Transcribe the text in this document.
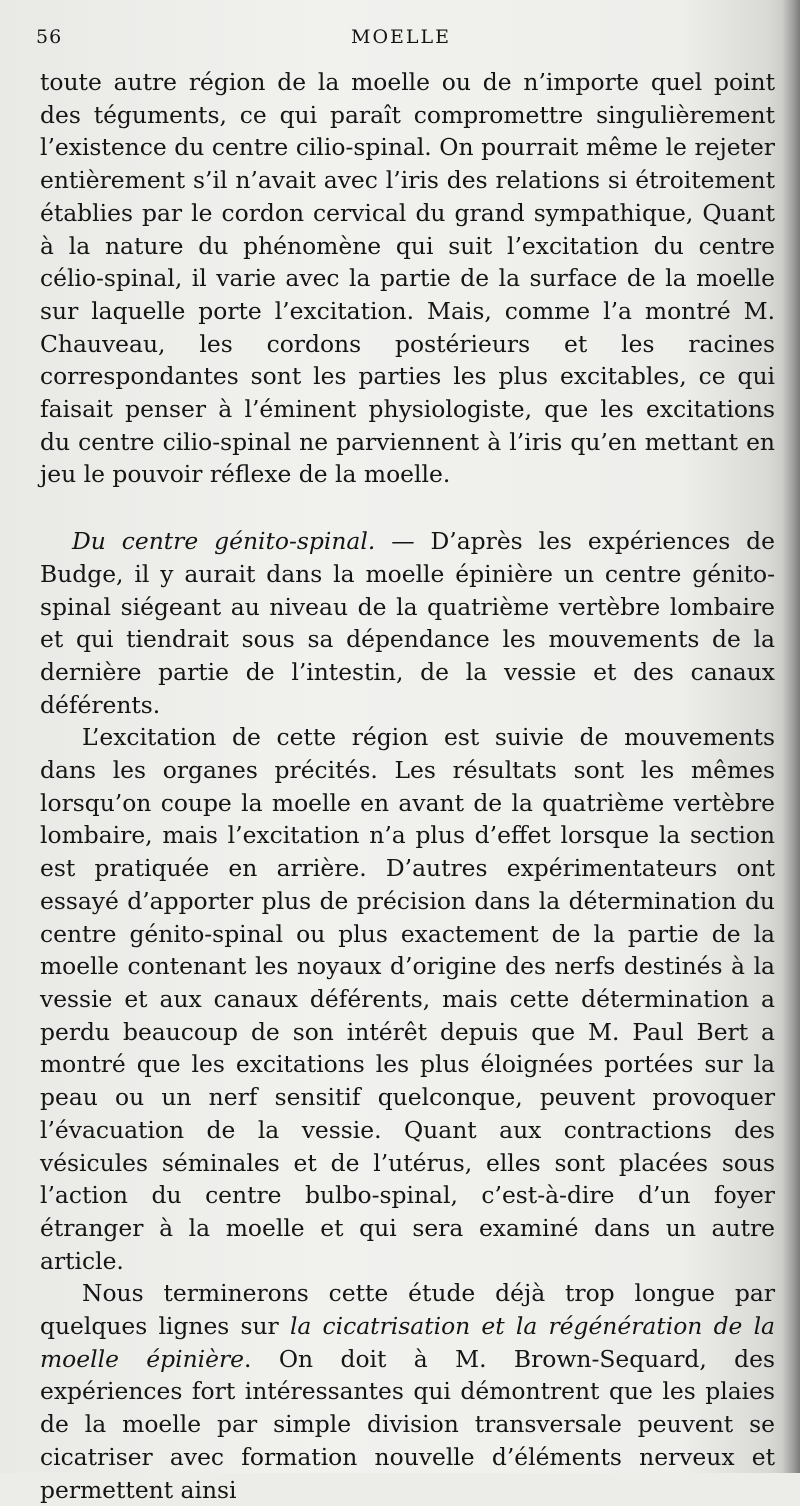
56	MOELLE

toute autre région de la moelle ou de n’importe quel point des téguments, ce qui paraît compromettre singulièrement l’existence du centre cilio-spinal. On pourrait même le rejeter entièrement s’il n’avait avec l’iris des relations si étroitement établies par le cordon cervical du grand sympathique, Quant à la nature du phénomène qui suit l’excitation du centre célio-spinal, il varie avec la partie de la surface de la moelle sur laquelle porte l’excitation. Mais, comme l’a montré M. Chauveau, les cordons postérieurs et les racines correspondantes sont les parties les plus excitables, ce qui faisait penser à l’éminent physiologiste, que les excitations du centre cilio-spinal ne parviennent à l’iris qu’en mettant en jeu le pouvoir réflexe de la moelle.

Du centre génito-spinal. — D’après les expériences de Budge, il y aurait dans la moelle épinière un centre génito-spinal siégeant au niveau de la quatrième vertèbre lombaire et qui tiendrait sous sa dépendance les mouvements de la dernière partie de l’intestin, de la vessie et des canaux déférents.

L’excitation de cette région est suivie de mouvements dans les organes précités. Les résultats sont les mêmes lorsqu’on coupe la moelle en avant de la quatrième vertèbre lombaire, mais l’excitation n’a plus d’effet lorsque la section est pratiquée en arrière. D’autres expérimentateurs ont essayé d’apporter plus de précision dans la détermination du centre génito-spinal ou plus exactement de la partie de la moelle contenant les noyaux d’origine des nerfs destinés à la vessie et aux canaux déférents, mais cette détermination a perdu beaucoup de son intérêt depuis que M. Paul Bert a montré que les excitations les plus éloignées portées sur la peau ou un nerf sensitif quelconque, peuvent provoquer l’évacuation de la vessie. Quant aux contractions des vésicules séminales et de l’utérus, elles sont placées sous l’action du centre bulbo-spinal, c’est-à-dire d’un foyer étranger à la moelle et qui sera examiné dans un autre article.

Nous terminerons cette étude déjà trop longue par quelques lignes sur la cicatrisation et la régénération de la moelle épinière. On doit à M. Brown-Sequard, des expériences fort intéressantes qui démontrent que les plaies de la moelle par simple division transversale peuvent se cicatriser avec formation nouvelle d’éléments nerveux et permettent ainsi
